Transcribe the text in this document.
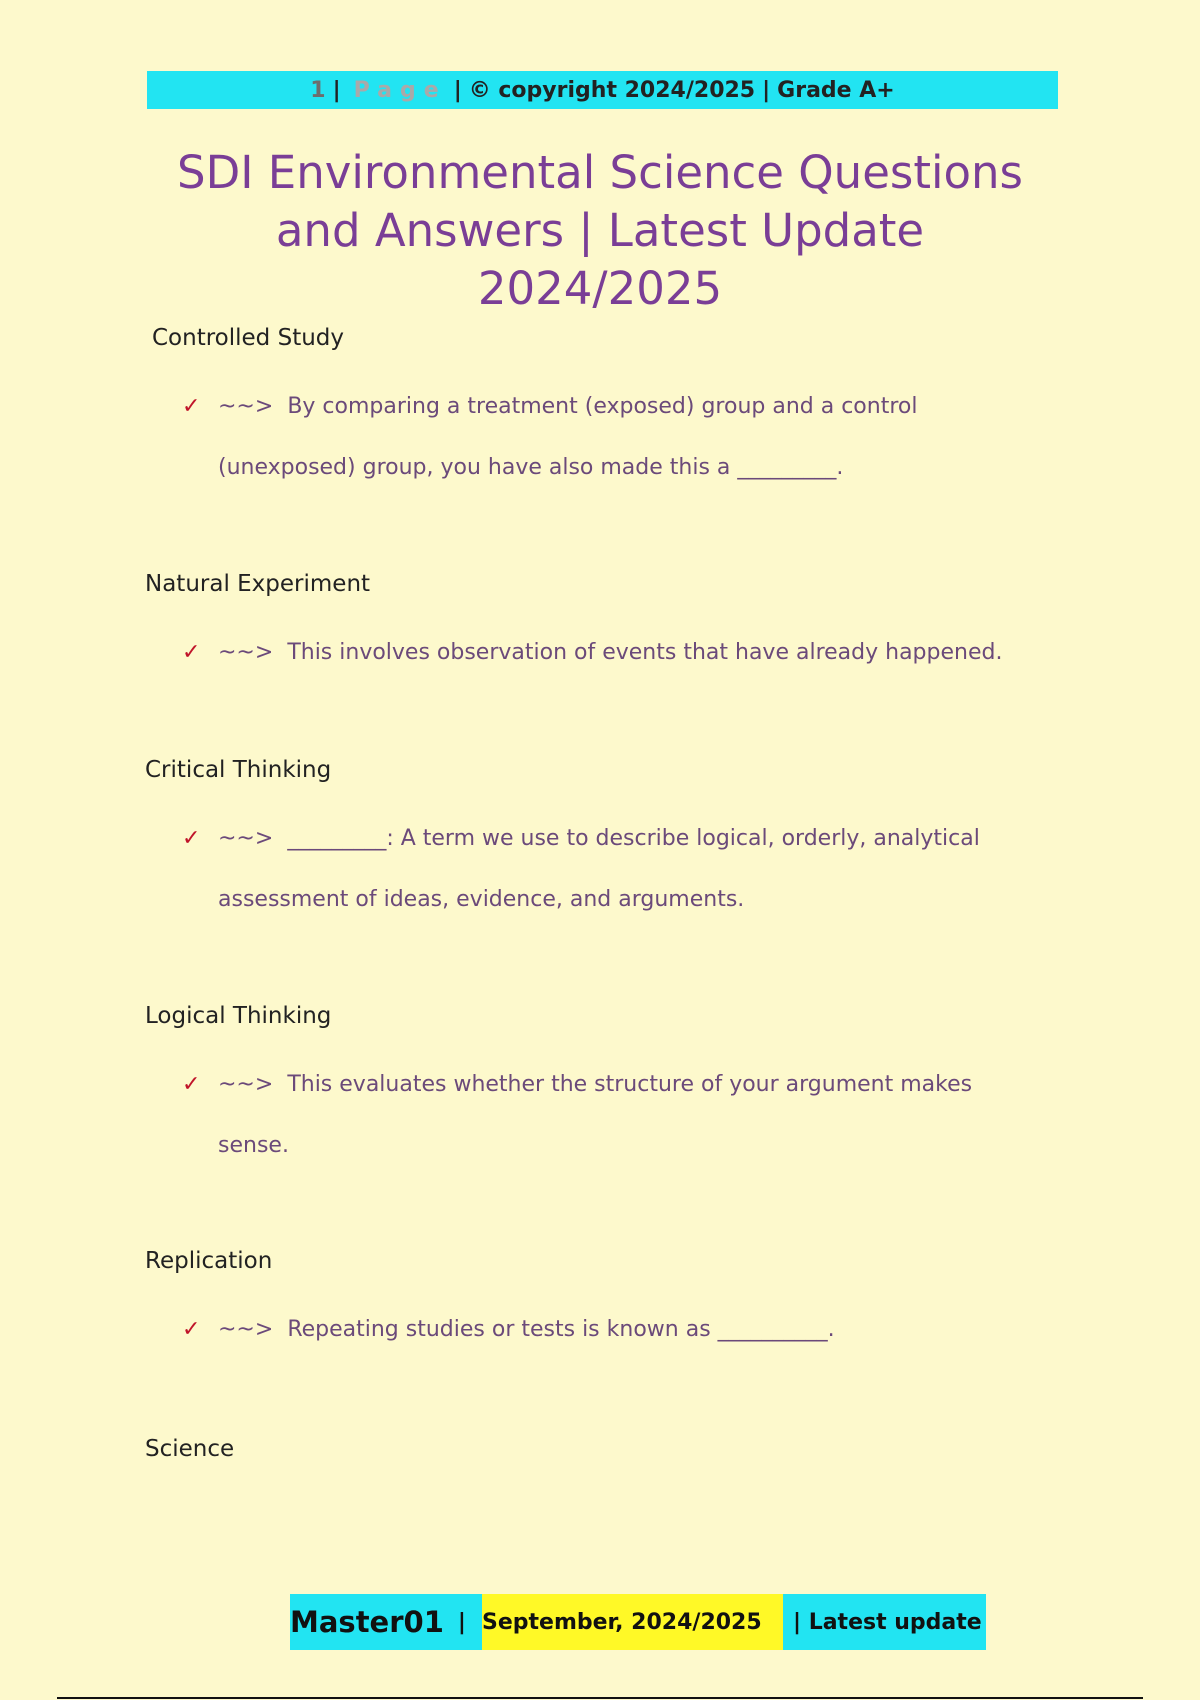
1 | Page | © copyright 2024/2025 | Grade A+
SDI Environmental Science Questions
and Answers | Latest Update
2024/2025
Controlled Study
✓ ~~> By comparing a treatment (exposed) group and a control
(unexposed) group, you have also made this a _________.
Natural Experiment
✓ ~~> This involves observation of events that have already happened.
Critical Thinking
✓ ~~> _________: A term we use to describe logical, orderly, analytical
assessment of ideas, evidence, and arguments.
Logical Thinking
✓ ~~> This evaluates whether the structure of your argument makes
sense.
Replication
✓ ~~> Repeating studies or tests is known as __________.
Science
Master01 | September, 2024/2025 | Latest update
